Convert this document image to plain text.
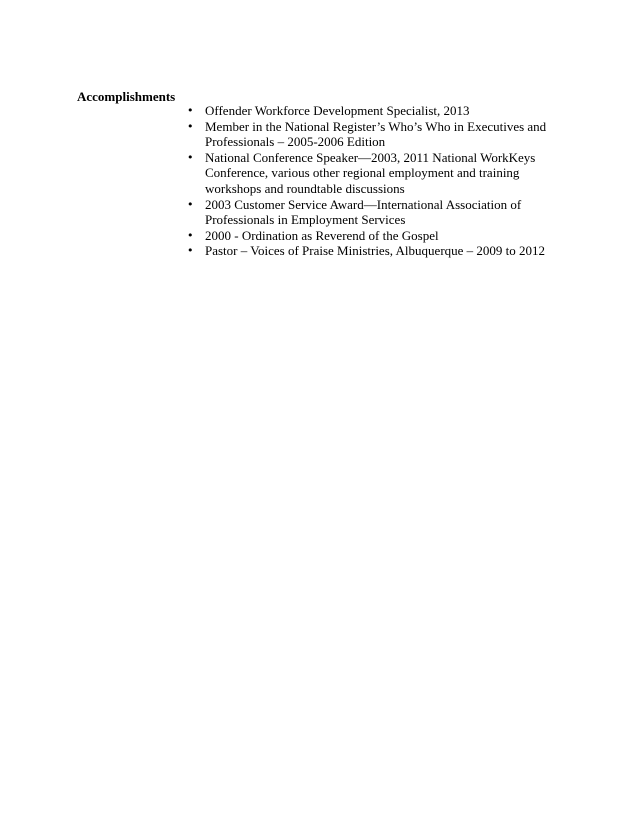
Accomplishments
• Offender Workforce Development Specialist, 2013
• Member in the National Register’s Who’s Who in Executives and Professionals – 2005-2006 Edition
• National Conference Speaker—2003, 2011 National WorkKeys Conference, various other regional employment and training workshops and roundtable discussions
• 2003 Customer Service Award—International Association of Professionals in Employment Services
• 2000 - Ordination as Reverend of the Gospel
• Pastor – Voices of Praise Ministries, Albuquerque – 2009 to 2012
